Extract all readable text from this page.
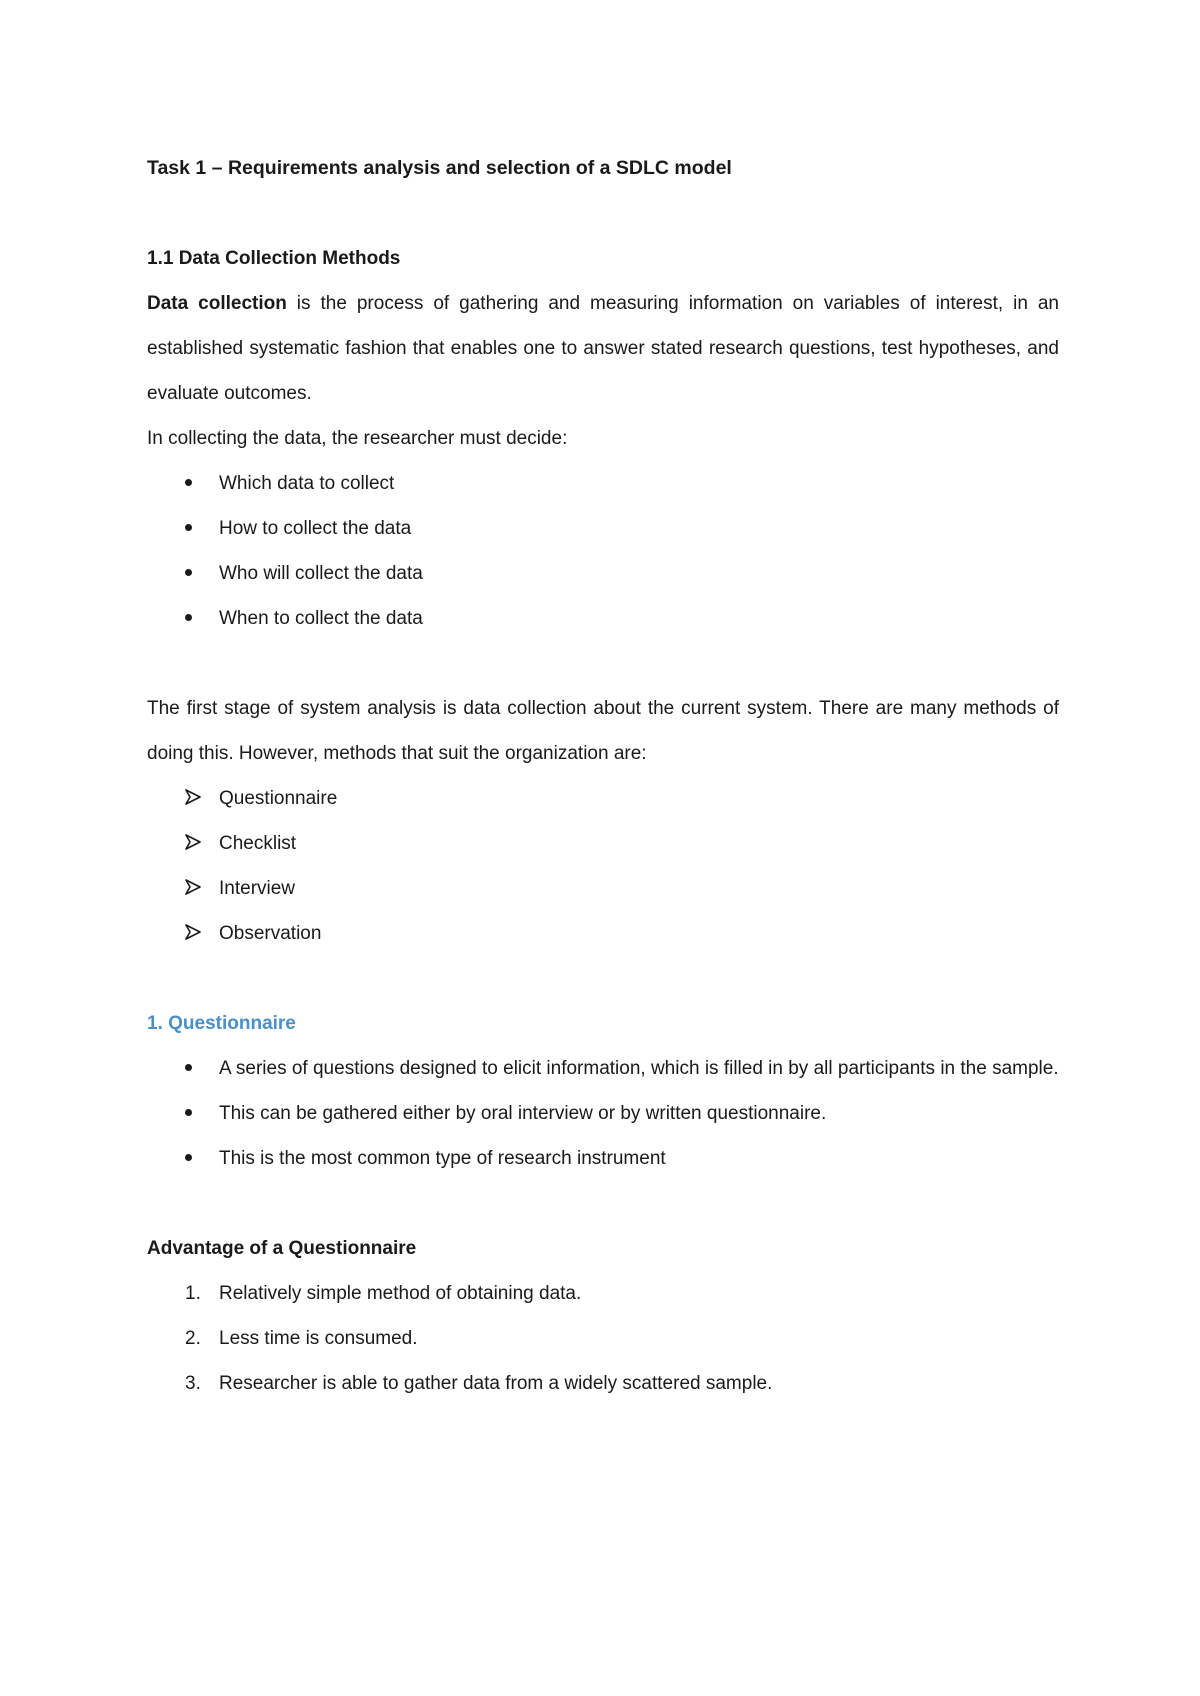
Task 1 – Requirements analysis and selection of a SDLC model
1.1 Data Collection Methods
Data collection is the process of gathering and measuring information on variables of interest, in an established systematic fashion that enables one to answer stated research questions, test hypotheses, and evaluate outcomes.
In collecting the data, the researcher must decide:
Which data to collect
How to collect the data
Who will collect the data
When to collect the data
The first stage of system analysis is data collection about the current system. There are many methods of doing this. However, methods that suit the organization are:
Questionnaire
Checklist
Interview
Observation
1. Questionnaire
A series of questions designed to elicit information, which is filled in by all participants in the sample.
This can be gathered either by oral interview or by written questionnaire.
This is the most common type of research instrument
Advantage of a Questionnaire
1. Relatively simple method of obtaining data.
2. Less time is consumed.
3. Researcher is able to gather data from a widely scattered sample.
